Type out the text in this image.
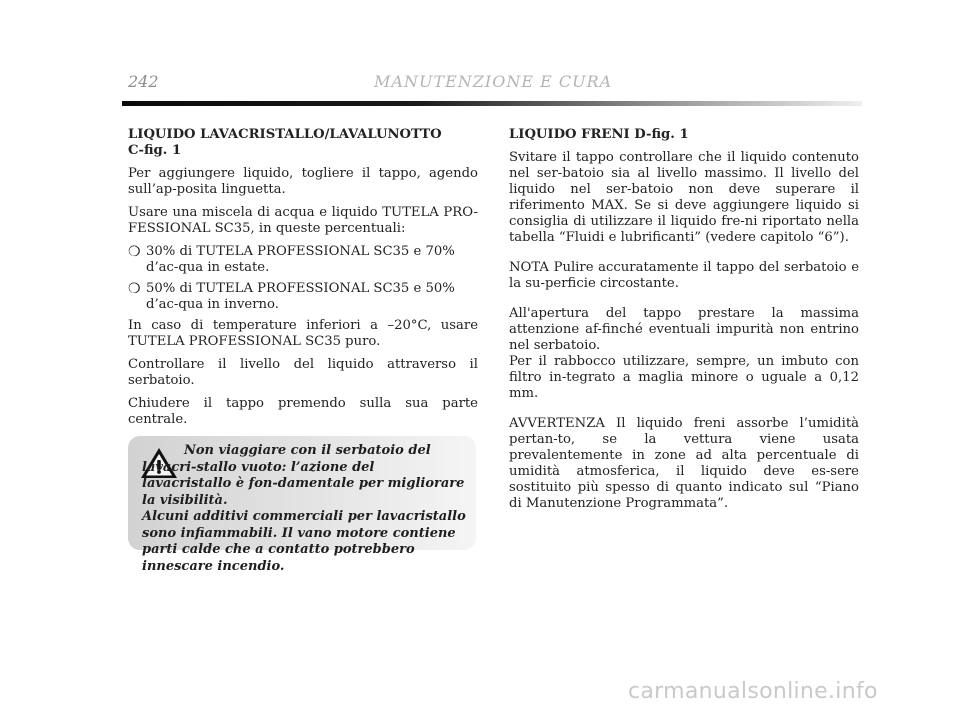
242	MANUTENZIONE E CURA
LIQUIDO LAVACRISTALLO/LAVALUNOTTO
C-fig. 1

Per aggiungere liquido, togliere il tappo, agendo sull’ap-posita linguetta.

Usare una miscela di acqua e liquido TUTELA PRO-FESSIONAL SC35, in queste percentuali:

❍ 30% di TUTELA PROFESSIONAL SC35 e 70% d’ac-qua in estate.
❍ 50% di TUTELA PROFESSIONAL SC35 e 50% d’ac-qua in inverno.

In caso di temperature inferiori a –20°C, usare TUTELA PROFESSIONAL SC35 puro.

Controllare il livello del liquido attraverso il serbatoio.

Chiudere il tappo premendo sulla sua parte centrale.

Non viaggiare con il serbatoio del lavacri-stallo vuoto: l’azione del lavacristallo è fon-damentale per migliorare la visibilità.
Alcuni additivi commerciali per lavacristallo sono infiammabili. Il vano motore contiene parti calde che a contatto potrebbero innescare incendio.
LIQUIDO FRENI D-fig. 1

Svitare il tappo controllare che il liquido contenuto nel ser-batoio sia al livello massimo. Il livello del liquido nel ser-batoio non deve superare il riferimento MAX. Se si deve aggiungere liquido si consiglia di utilizzare il liquido fre-ni riportato nella tabella “Fluidi e lubrificanti” (vedere capitolo “6”).

NOTA Pulire accuratamente il tappo del serbatoio e la su-perficie circostante.

All'apertura del tappo prestare la massima attenzione af-finché eventuali impurità non entrino nel serbatoio.

Per il rabbocco utilizzare, sempre, un imbuto con filtro in-tegrato a maglia minore o uguale a 0,12 mm.

AVVERTENZA Il liquido freni assorbe l’umidità pertan-to, se la vettura viene usata prevalentemente in zone ad alta percentuale di umidità atmosferica, il liquido deve es-sere sostituito più spesso di quanto indicato sul “Piano di Manutenzione Programmata”.

carmanualsonline.info
